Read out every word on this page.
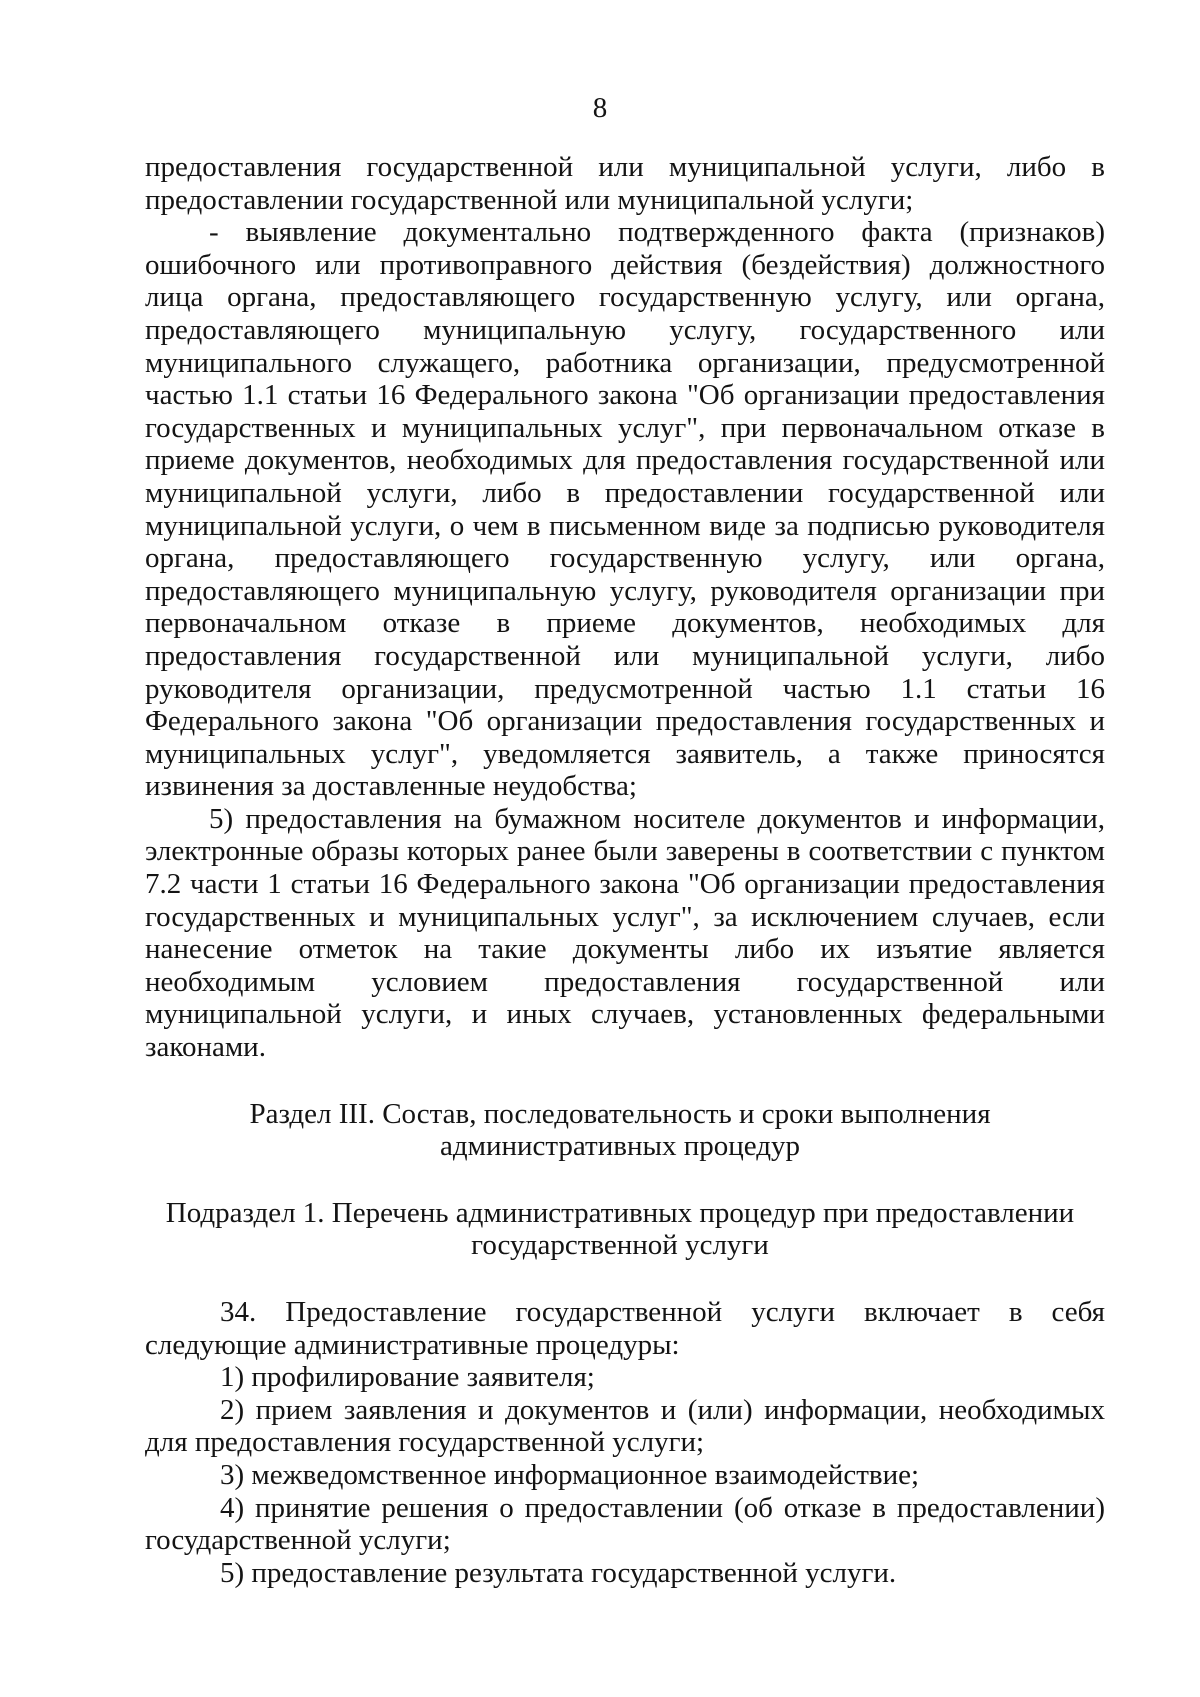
8

предоставления государственной или муниципальной услуги, либо в предоставлении государственной или муниципальной услуги;

- выявление документально подтвержденного факта (признаков) ошибочного или противоправного действия (бездействия) должностного лица органа, предоставляющего государственную услугу, или органа, предоставляющего муниципальную услугу, государственного или муниципального служащего, работника организации, предусмотренной частью 1.1 статьи 16 Федерального закона "Об организации предоставления государственных и муниципальных услуг", при первоначальном отказе в приеме документов, необходимых для предоставления государственной или муниципальной услуги, либо в предоставлении государственной или муниципальной услуги, о чем в письменном виде за подписью руководителя органа, предоставляющего государственную услугу, или органа, предоставляющего муниципальную услугу, руководителя организации при первоначальном отказе в приеме документов, необходимых для предоставления государственной или муниципальной услуги, либо руководителя организации, предусмотренной частью 1.1 статьи 16 Федерального закона "Об организации предоставления государственных и муниципальных услуг", уведомляется заявитель, а также приносятся извинения за доставленные неудобства;

5) предоставления на бумажном носителе документов и информации, электронные образы которых ранее были заверены в соответствии с пунктом 7.2 части 1 статьи 16 Федерального закона "Об организации предоставления государственных и муниципальных услуг", за исключением случаев, если нанесение отметок на такие документы либо их изъятие является необходимым условием предоставления государственной или муниципальной услуги, и иных случаев, установленных федеральными законами.

Раздел III. Состав, последовательность и сроки выполнения
административных процедур

Подраздел 1. Перечень административных процедур при предоставлении
государственной услуги

34. Предоставление государственной услуги включает в себя следующие административные процедуры:

1) профилирование заявителя;

2) прием заявления и документов и (или) информации, необходимых для предоставления государственной услуги;

3) межведомственное информационное взаимодействие;

4) принятие решения о предоставлении (об отказе в предоставлении) государственной услуги;

5) предоставление результата государственной услуги.
